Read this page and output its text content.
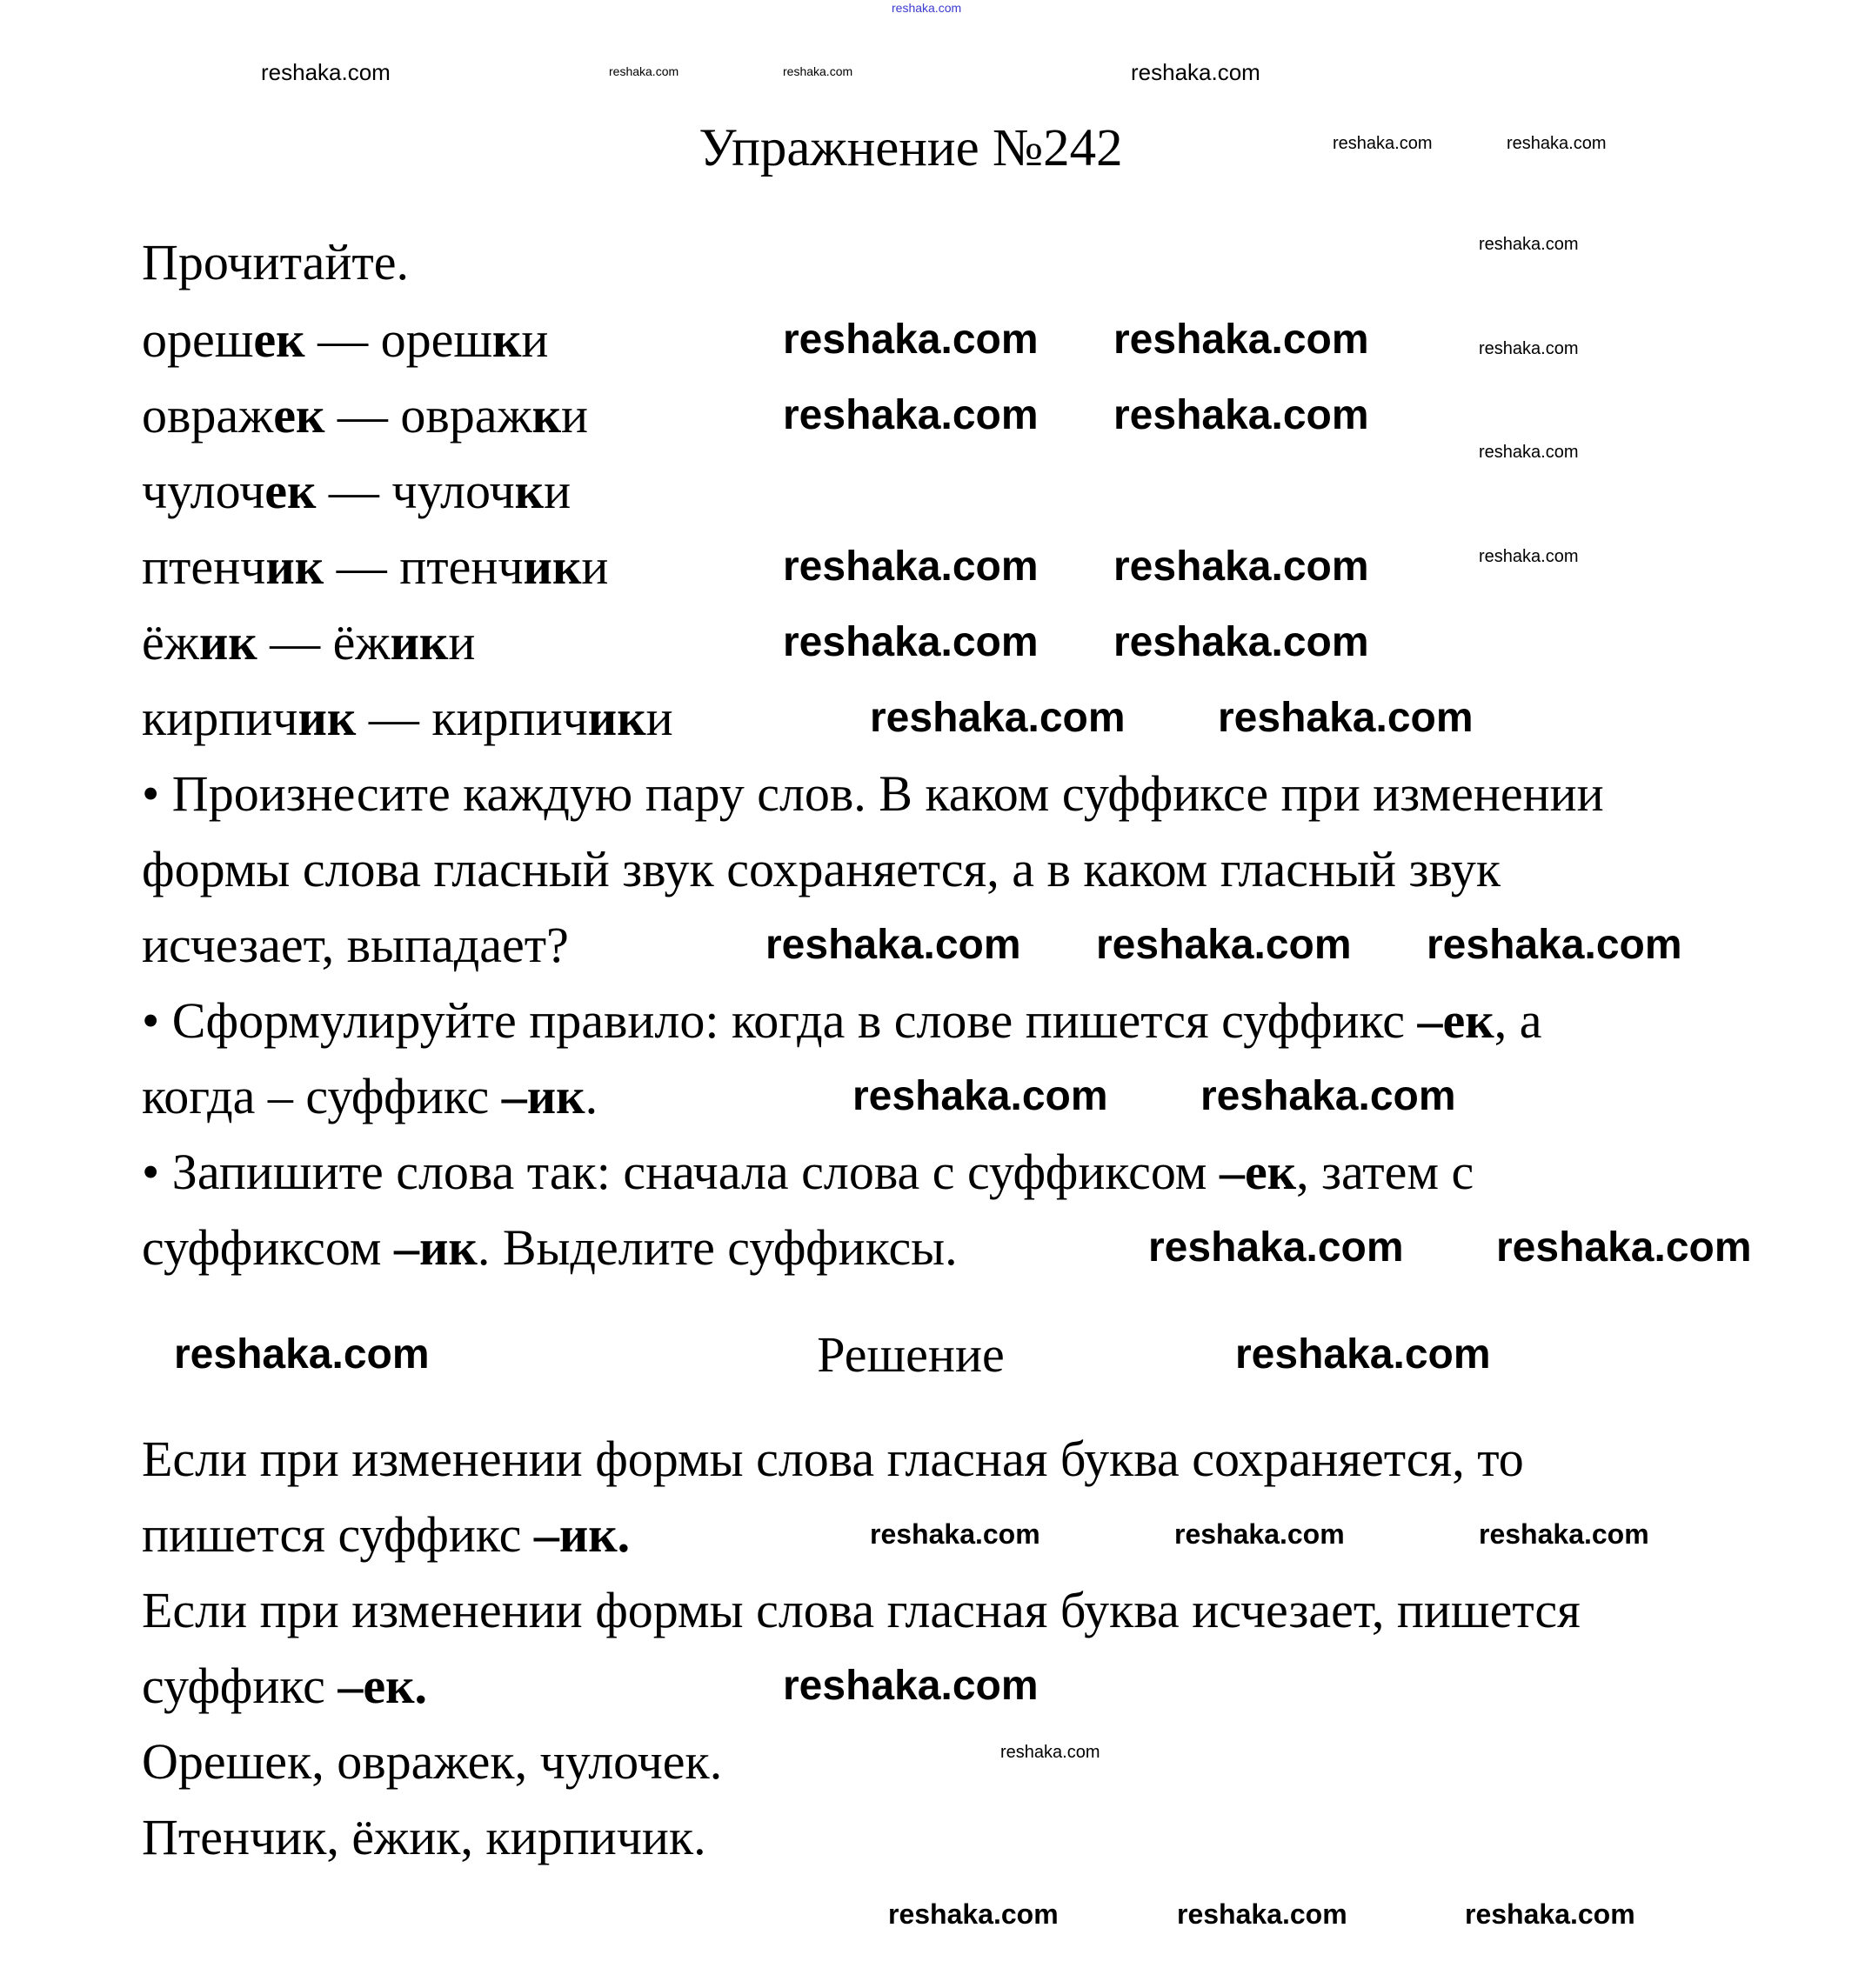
Упражнение №242
Прочитайте.
орешек — орешки
овражек — овражки
чулочек — чулочки
птенчик — птенчики
ёжик — ёжики
кирпичик — кирпичики
• Произнесите каждую пару слов. В каком суффиксе при изменении
формы слова гласный звук сохраняется, а в каком гласный звук
исчезает, выпадает?
• Сформулируйте правило: когда в слове пишется суффикс –ек, а
когда – суффикс –ик.
• Запишите слова так: сначала слова с суффиксом –ек, затем с
суффиксом –ик. Выделите суффиксы.
Решение
Если при изменении формы слова гласная буква сохраняется, то
пишется суффикс –ик.
Если при изменении формы слова гласная буква исчезает, пишется
суффикс –ек.
Орешек, овражек, чулочек.
Птенчик, ёжик, кирпичик.
reshaka.com
reshaka.com	reshaka.com	reshaka.com	reshaka.com
reshaka.com	reshaka.com
reshaka.com
reshaka.com
reshaka.com
reshaka.com
reshaka.com
reshaka.com	reshaka.com	reshaka.com
reshaka.com	reshaka.com	reshaka.com
reshaka.com reshaka.com
reshaka.com reshaka.com
reshaka.com reshaka.com
reshaka.com reshaka.com
reshaka.com reshaka.com
reshaka.com reshaka.com reshaka.com
reshaka.com reshaka.com
reshaka.com reshaka.com
reshaka.com	reshaka.com
reshaka.com
